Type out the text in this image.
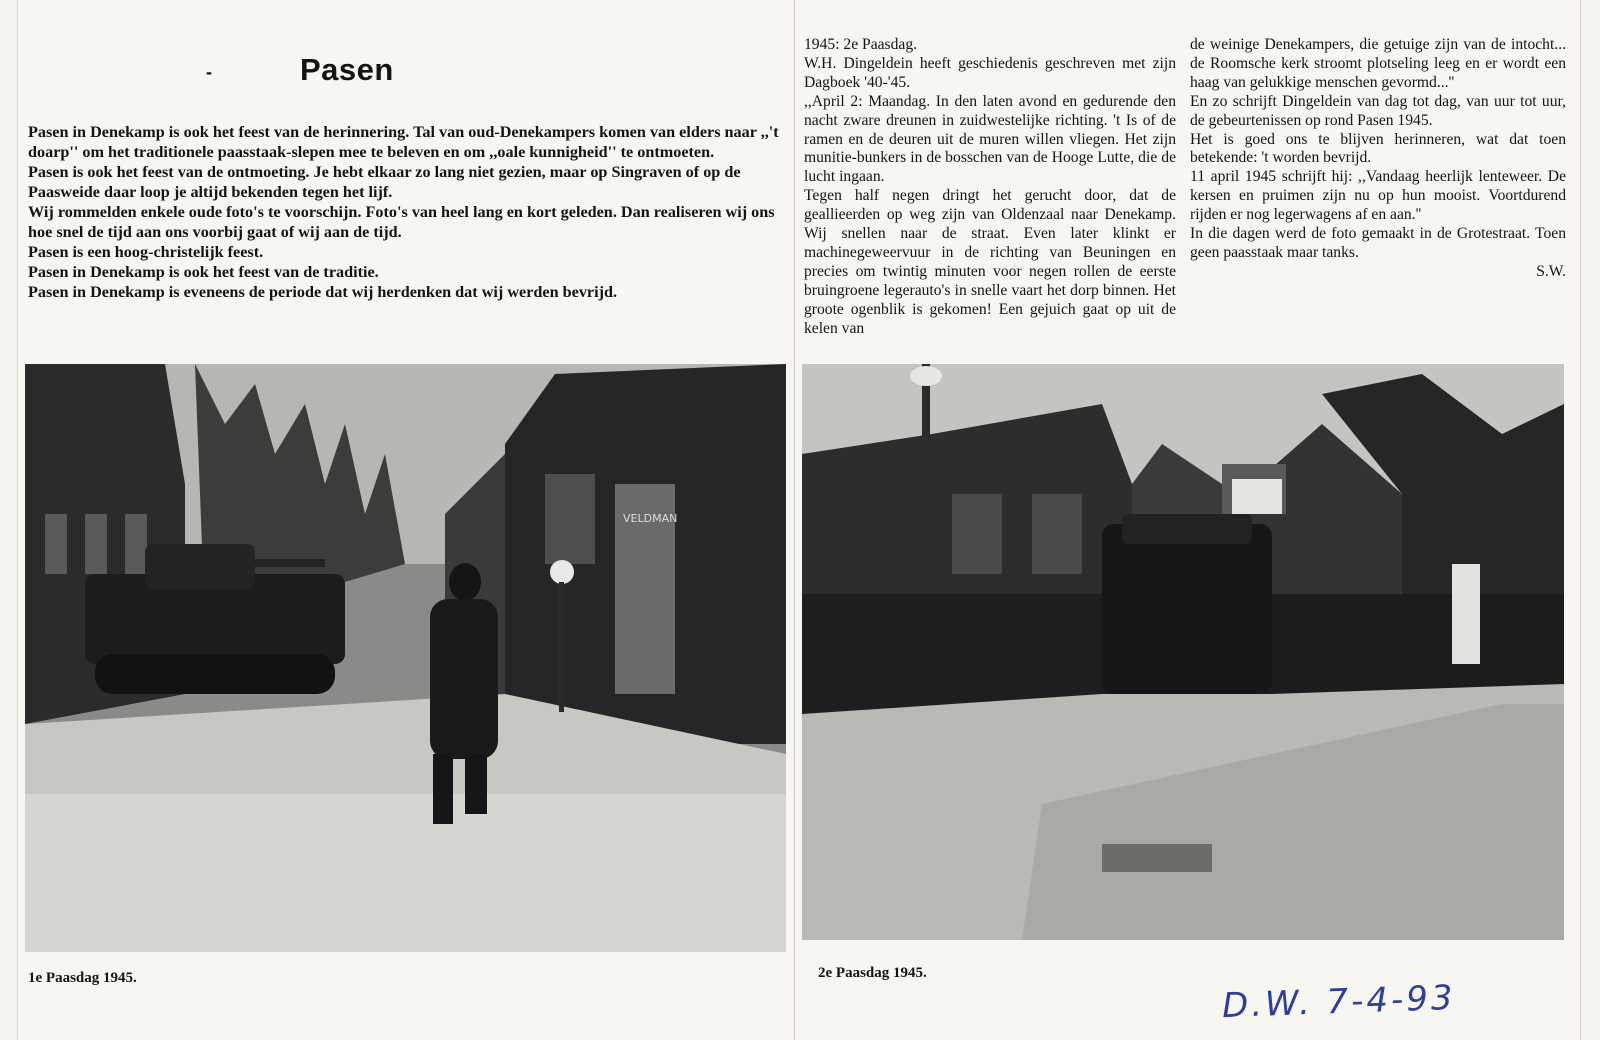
-	Pasen

Pasen in Denekamp is ook het feest van de herinnering. Tal van oud-Denekampers komen van elders naar ,,'t doarp'' om het traditionele paasstaak-slepen mee te beleven en om ,,oale kunnigheid'' te ontmoeten.

Pasen is ook het feest van de ontmoeting. Je hebt elkaar zo lang niet gezien, maar op Singraven of op de Paasweide daar loop je altijd bekenden tegen het lijf.

Wij rommelden enkele oude foto's te voorschijn. Foto's van heel lang en kort geleden. Dan realiseren wij ons hoe snel de tijd aan ons voorbij gaat of wij aan de tijd.

Pasen is een hoog-christelijk feest.

Pasen in Denekamp is ook het feest van de traditie.

Pasen in Denekamp is eveneens de periode dat wij herdenken dat wij werden bevrijd.

1945: 2e Paasdag.

W.H. Dingeldein heeft geschiedenis geschreven met zijn Dagboek '40-'45.

,,April 2: Maandag. In den laten avond en gedurende den nacht zware dreunen in zuidwestelijke richting. 't Is of de ramen en de deuren uit de muren willen vliegen. Het zijn munitie-bunkers in de bosschen van de Hooge Lutte, die de lucht ingaan.

Tegen half negen dringt het gerucht door, dat de geallieerden op weg zijn van Oldenzaal naar Denekamp. Wij snellen naar de straat. Even later klinkt er machinegeweervuur in de richting van Beuningen en precies om twintig minuten voor negen rollen de eerste bruingroene legerauto's in snelle vaart het dorp binnen. Het groote ogenblik is gekomen! Een gejuich gaat op uit de kelen van

de weinige Denekampers, die getuige zijn van de intocht... de Roomsche kerk stroomt plotseling leeg en er wordt een haag van gelukkige menschen gevormd...''

En zo schrijft Dingeldein van dag tot dag, van uur tot uur, de gebeurtenissen op rond Pasen 1945.

Het is goed ons te blijven herinneren, wat dat toen betekende: 't worden bevrijd.

11 april 1945 schrijft hij: ,,Vandaag heerlijk lenteweer. De kersen en pruimen zijn nu op hun mooist. Voortdurend rijden er nog legerwagens af en aan.''

In die dagen werd de foto gemaakt in de Grotestraat. Toen geen paasstaak maar tanks.

S.W.

VELDMAN
1e Paasdag 1945.	2e Paasdag 1945.
D.W. 7-4-93
